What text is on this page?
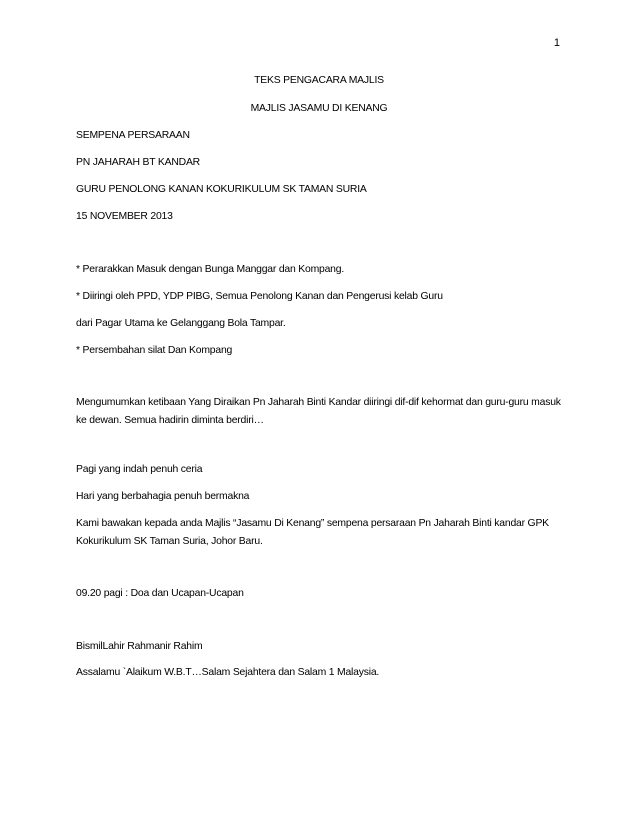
1
TEKS PENGACARA MAJLIS
MAJLIS JASAMU DI KENANG
SEMPENA PERSARAAN
PN JAHARAH BT KANDAR
GURU PENOLONG KANAN KOKURIKULUM SK TAMAN SURIA
15 NOVEMBER 2013
* Perarakkan Masuk dengan Bunga Manggar dan Kompang.
* Diiringi oleh PPD, YDP PIBG, Semua Penolong Kanan dan Pengerusi kelab Guru
dari Pagar Utama ke Gelanggang Bola Tampar.
* Persembahan silat Dan Kompang
Mengumumkan ketibaan Yang Diraikan Pn Jaharah Binti Kandar diiringi dif-dif kehormat dan guru-guru masuk ke dewan. Semua hadirin diminta berdiri…
Pagi yang indah penuh ceria
Hari yang berbahagia penuh bermakna
Kami bawakan kepada anda Majlis “Jasamu Di Kenang” sempena persaraan Pn Jaharah Binti kandar GPK Kokurikulum SK Taman Suria, Johor Baru.
09.20 pagi : Doa dan Ucapan-Ucapan
BismilLahir Rahmanir Rahim
Assalamu `Alaikum W.B.T…Salam Sejahtera dan Salam 1 Malaysia.
